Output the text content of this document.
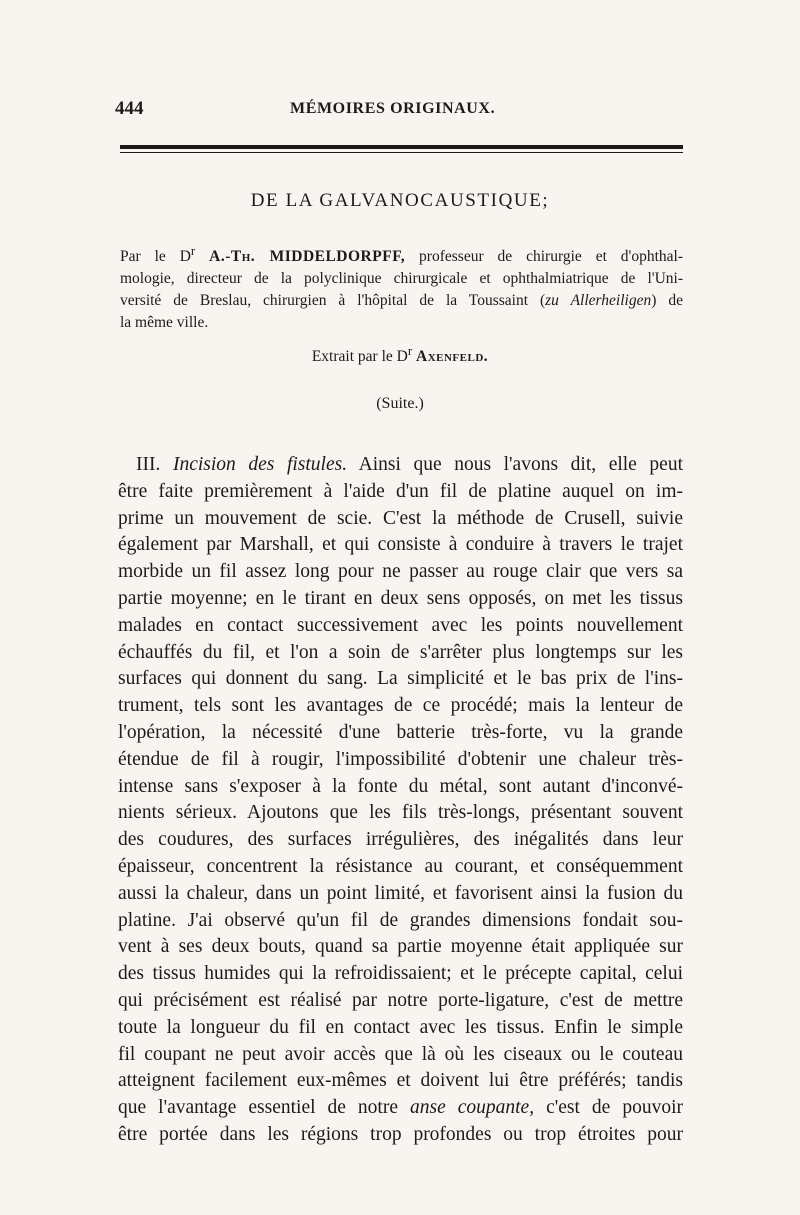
444	MÉMOIRES ORIGINAUX.
DE LA GALVANOCAUSTIQUE;
Par le $D^r$ A.-Th. MIDDELDORPFF, professeur de chirurgie et d'ophthal-
mologie, directeur de la polyclinique chirurgicale et ophthalmiatrique de l'Uni-
versité de Breslau, chirurgien à l'hôpital de la Toussaint (zu Allerheiligen) de
la même ville.
Extrait par le $D^r$ Axenfeld.
(Suite.)
III. Incision des fistules. Ainsi que nous l'avons dit, elle peut
être faite premièrement à l'aide d'un fil de platine auquel on im-
prime un mouvement de scie. C'est la méthode de Crusell, suivie
également par Marshall, et qui consiste à conduire à travers le trajet
morbide un fil assez long pour ne passer au rouge clair que vers sa
partie moyenne; en le tirant en deux sens opposés, on met les tissus
malades en contact successivement avec les points nouvellement
échauffés du fil, et l'on a soin de s'arrêter plus longtemps sur les
surfaces qui donnent du sang. La simplicité et le bas prix de l'ins-
trument, tels sont les avantages de ce procédé; mais la lenteur de
l'opération, la nécessité d'une batterie très-forte, vu la grande
étendue de fil à rougir, l'impossibilité d'obtenir une chaleur très-
intense sans s'exposer à la fonte du métal, sont autant d'inconvé-
nients sérieux. Ajoutons que les fils très-longs, présentant souvent
des coudures, des surfaces irrégulières, des inégalités dans leur
épaisseur, concentrent la résistance au courant, et conséquemment
aussi la chaleur, dans un point limité, et favorisent ainsi la fusion du
platine. J'ai observé qu'un fil de grandes dimensions fondait sou-
vent à ses deux bouts, quand sa partie moyenne était appliquée sur
des tissus humides qui la refroidissaient; et le précepte capital, celui
qui précisément est réalisé par notre porte-ligature, c'est de mettre
toute la longueur du fil en contact avec les tissus. Enfin le simple
fil coupant ne peut avoir accès que là où les ciseaux ou le couteau
atteignent facilement eux-mêmes et doivent lui être préférés; tandis
que l'avantage essentiel de notre anse coupante, c'est de pouvoir
être portée dans les régions trop profondes ou trop étroites pour
